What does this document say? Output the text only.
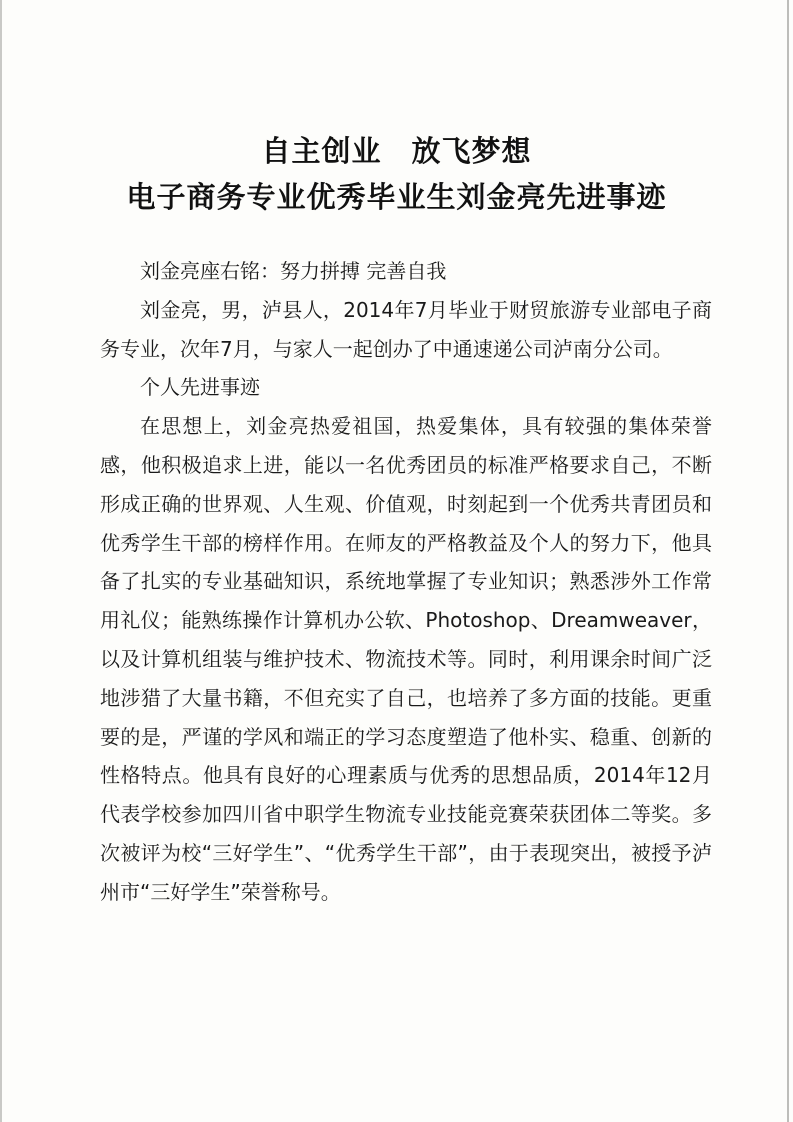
自主创业　放飞梦想
电子商务专业优秀毕业生刘金亮先进事迹

刘金亮座右铭：努力拼搏 完善自我

刘金亮，男，泸县人，2014年7月毕业于财贸旅游专业部电子商务专业，次年7月，与家人一起创办了中通速递公司泸南分公司。

个人先进事迹

在思想上，刘金亮热爱祖国，热爱集体，具有较强的集体荣誉感，他积极追求上进，能以一名优秀团员的标准严格要求自己，不断形成正确的世界观、人生观、价值观，时刻起到一个优秀共青团员和优秀学生干部的榜样作用。在师友的严格教益及个人的努力下，他具备了扎实的专业基础知识，系统地掌握了专业知识；熟悉涉外工作常用礼仪；能熟练操作计算机办公软、Photoshop、Dreamweaver，以及计算机组装与维护技术、物流技术等。同时，利用课余时间广泛地涉猎了大量书籍，不但充实了自己，也培养了多方面的技能。更重要的是，严谨的学风和端正的学习态度塑造了他朴实、稳重、创新的性格特点。他具有良好的心理素质与优秀的思想品质，2014年12月代表学校参加四川省中职学生物流专业技能竞赛荣获团体二等奖。多次被评为校“三好学生”、“优秀学生干部”，由于表现突出，被授予泸州市“三好学生”荣誉称号。
